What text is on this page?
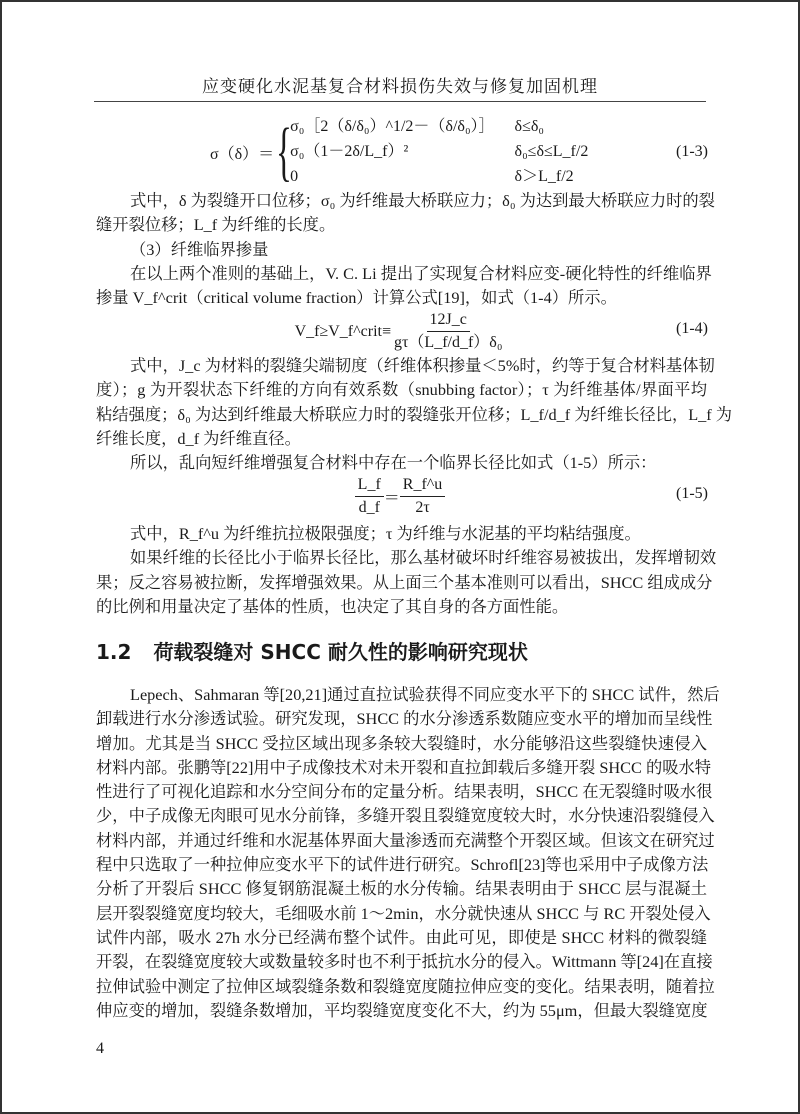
应变硬化水泥基复合材料损伤失效与修复加固机理
σ（δ）＝ {
σ₀［2（δ/δ₀）^1/2－（δ/δ₀）］ δ≤δ₀
σ₀（1－2δ/L_f）²	δ₀≤δ≤L_f/2
0	δ＞L_f/2
(1-3)
式中，δ 为裂缝开口位移；σ₀ 为纤维最大桥联应力；δ₀ 为达到最大桥联应力时的裂
缝开裂位移；L_f 为纤维的长度。
（3）纤维临界掺量
在以上两个准则的基础上，V. C. Li 提出了实现复合材料应变-硬化特性的纤维临界
掺量 V_f^crit（critical volume fraction）计算公式[19]，如式（1-4）所示。
V_f≥V_f^crit≡ $\frac{12J\_c}{\text{gτ（L\_f/d\_f）δ₀}}$	(1-4)
式中，J_c 为材料的裂缝尖端韧度（纤维体积掺量＜5%时，约等于复合材料基体韧
度）；g 为开裂状态下纤维的方向有效系数（snubbing factor）；τ 为纤维基体/界面平均
粘结强度；δ₀ 为达到纤维最大桥联应力时的裂缝张开位移；L_f/d_f 为纤维长径比，L_f 为
纤维长度，d_f 为纤维直径。
所以，乱向短纤维增强复合材料中存在一个临界长径比如式（1-5）所示：
$\frac{L\_f}{d\_f} = \frac{R\_f\^{}u}{2\tau}$	(1-5)
式中，R_f^u 为纤维抗拉极限强度；τ 为纤维与水泥基的平均粘结强度。
如果纤维的长径比小于临界长径比，那么基材破坏时纤维容易被拔出，发挥增韧效
果；反之容易被拉断，发挥增强效果。从上面三个基本准则可以看出，SHCC 组成成分
的比例和用量决定了基体的性质，也决定了其自身的各方面性能。
1.2 荷载裂缝对 SHCC 耐久性的影响研究现状
Lepech、Sahmaran 等[20,21]通过直拉试验获得不同应变水平下的 SHCC 试件，然后
卸载进行水分渗透试验。研究发现，SHCC 的水分渗透系数随应变水平的增加而呈线性
增加。尤其是当 SHCC 受拉区域出现多条较大裂缝时，水分能够沿这些裂缝快速侵入
材料内部。张鹏等[22]用中子成像技术对未开裂和直拉卸载后多缝开裂 SHCC 的吸水特
性进行了可视化追踪和水分空间分布的定量分析。结果表明，SHCC 在无裂缝时吸水很
少，中子成像无肉眼可见水分前锋，多缝开裂且裂缝宽度较大时，水分快速沿裂缝侵入
材料内部，并通过纤维和水泥基体界面大量渗透而充满整个开裂区域。但该文在研究过
程中只选取了一种拉伸应变水平下的试件进行研究。Schrofl[23]等也采用中子成像方法
分析了开裂后 SHCC 修复钢筋混凝土板的水分传输。结果表明由于 SHCC 层与混凝土
层开裂裂缝宽度均较大，毛细吸水前 1～2min，水分就快速从 SHCC 与 RC 开裂处侵入
试件内部，吸水 27h 水分已经满布整个试件。由此可见，即使是 SHCC 材料的微裂缝
开裂，在裂缝宽度较大或数量较多时也不利于抵抗水分的侵入。Wittmann 等[24]在直接
拉伸试验中测定了拉伸区域裂缝条数和裂缝宽度随拉伸应变的变化。结果表明，随着拉
伸应变的增加，裂缝条数增加，平均裂缝宽度变化不大，约为 55μm，但最大裂缝宽度
4
